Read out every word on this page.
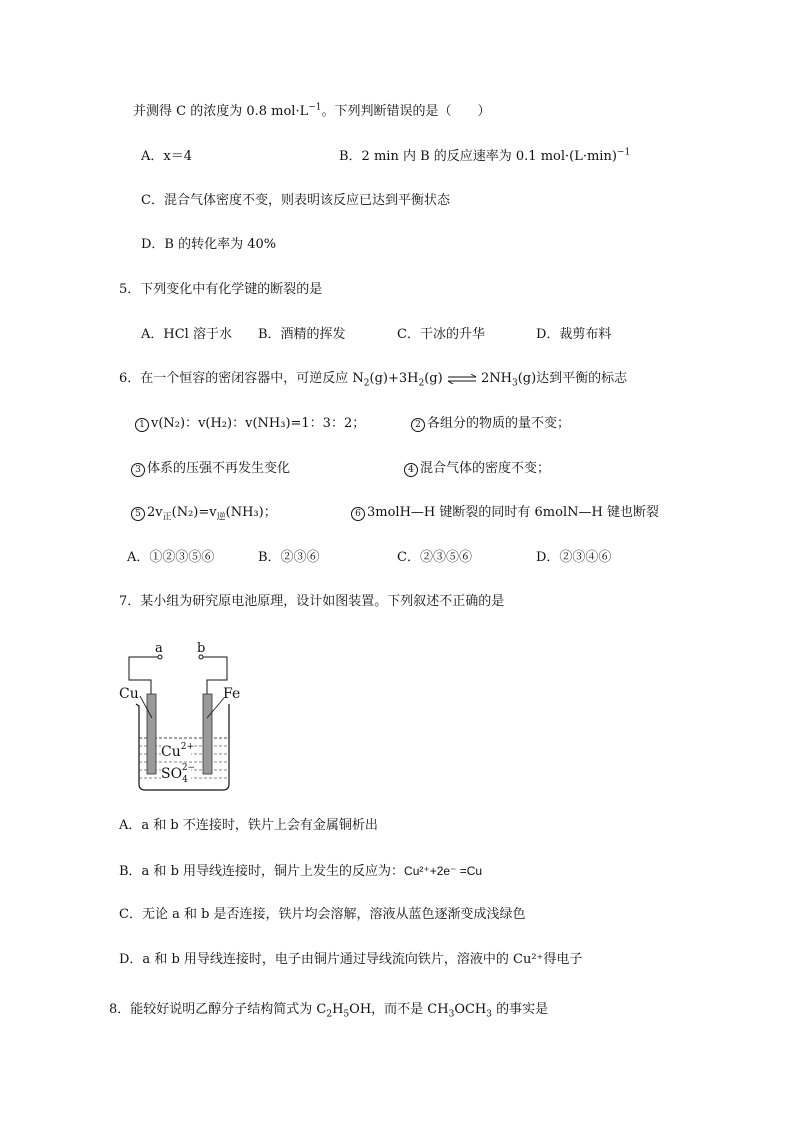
并测得 C 的浓度为 0.8 $mol\cdot L^{-1}$。下列判断错误的是（　　）
A．x＝4	B．2 min 内 B 的反应速率为 0.1 $mol\cdot(L\cdot\min)^{-1}$
C．混合气体密度不变，则表明该反应已达到平衡状态
D．B 的转化率为 40%
5．下列变化中有化学键的断裂的是
A．HCl 溶于水 B．酒精的挥发	C．干冰的升华	D．裁剪布料
6．在一个恒容的密闭容器中，可逆反应 $N_2(g)+3H_2(g)$ ⇌ $2NH_3(g)$达到平衡的标志
1 v(N₂)：v(H₂)：v(NH₃)=1：3：2；	2 各组分的物质的量不变；
3 体系的压强不再发生变化	4 混合气体的密度不变；
5 $2v_正(N_2)=v_逆(NH_3)$；	6 3molH—H 键断裂的同时有 6molN—H 键也断裂
A．①②③⑤⑥	B．②③⑥	C．②③⑤⑥	D．②③④⑥
7．某小组为研究原电池原理，设计如图装置。下列叙述不正确的是
a	b
Cu	Fe
$Cu^{2+}$
$SO_42-$
A．a 和 b 不连接时，铁片上会有金属铜析出
B．a 和 b 用导线连接时，铜片上发生的反应为：Cu²⁺+2e⁻ =Cu
C．无论 a 和 b 是否连接，铁片均会溶解，溶液从蓝色逐渐变成浅绿色
D．a 和 b 用导线连接时，电子由铜片通过导线流向铁片，溶液中的 Cu²⁺得电子
8．能较好说明乙醇分子结构简式为 $C_2H_5OH$，而不是 $CH_3OCH_3$ 的事实是
